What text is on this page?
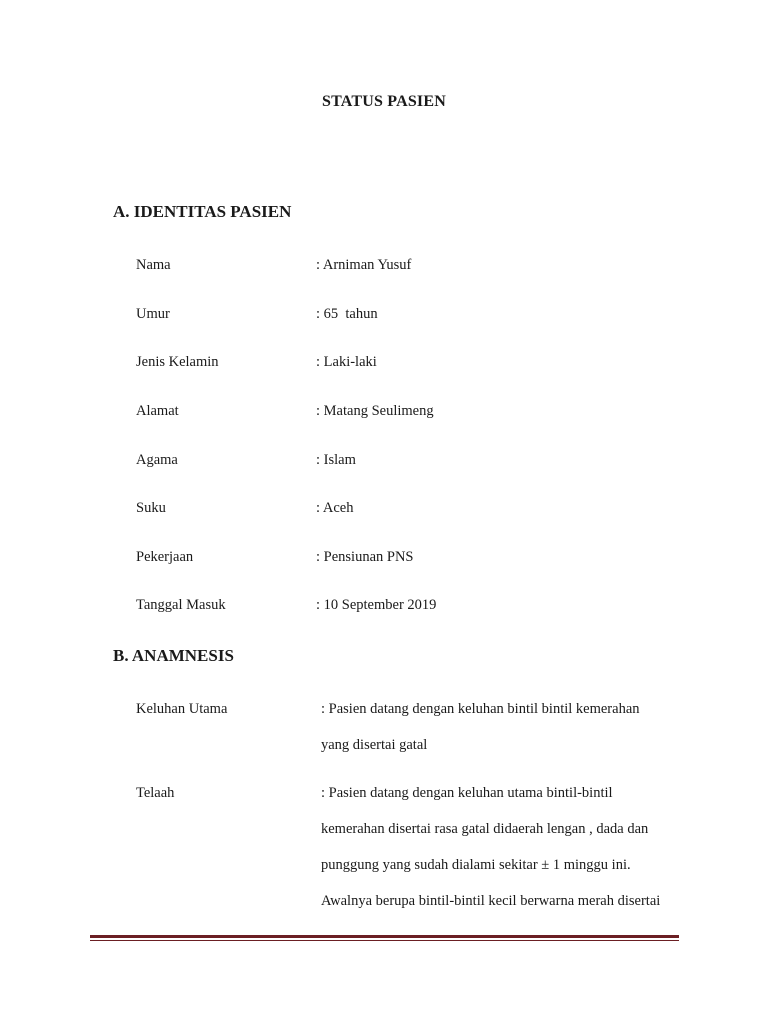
STATUS PASIEN
A. IDENTITAS PASIEN
Nama	: Arniman Yusuf
Umur	: 65  tahun
Jenis Kelamin	: Laki-laki
Alamat	: Matang Seulimeng
Agama	: Islam
Suku	: Aceh
Pekerjaan	: Pensiunan PNS
Tanggal Masuk	: 10 September 2019
B. ANAMNESIS
Keluhan Utama	: Pasien datang dengan keluhan bintil bintil kemerahan
yang disertai gatal
Telaah	: Pasien datang dengan keluhan utama bintil-bintil
kemerahan disertai rasa gatal didaerah lengan , dada dan
punggung yang sudah dialami sekitar ± 1 minggu ini.
Awalnya berupa bintil-bintil kecil berwarna merah disertai
